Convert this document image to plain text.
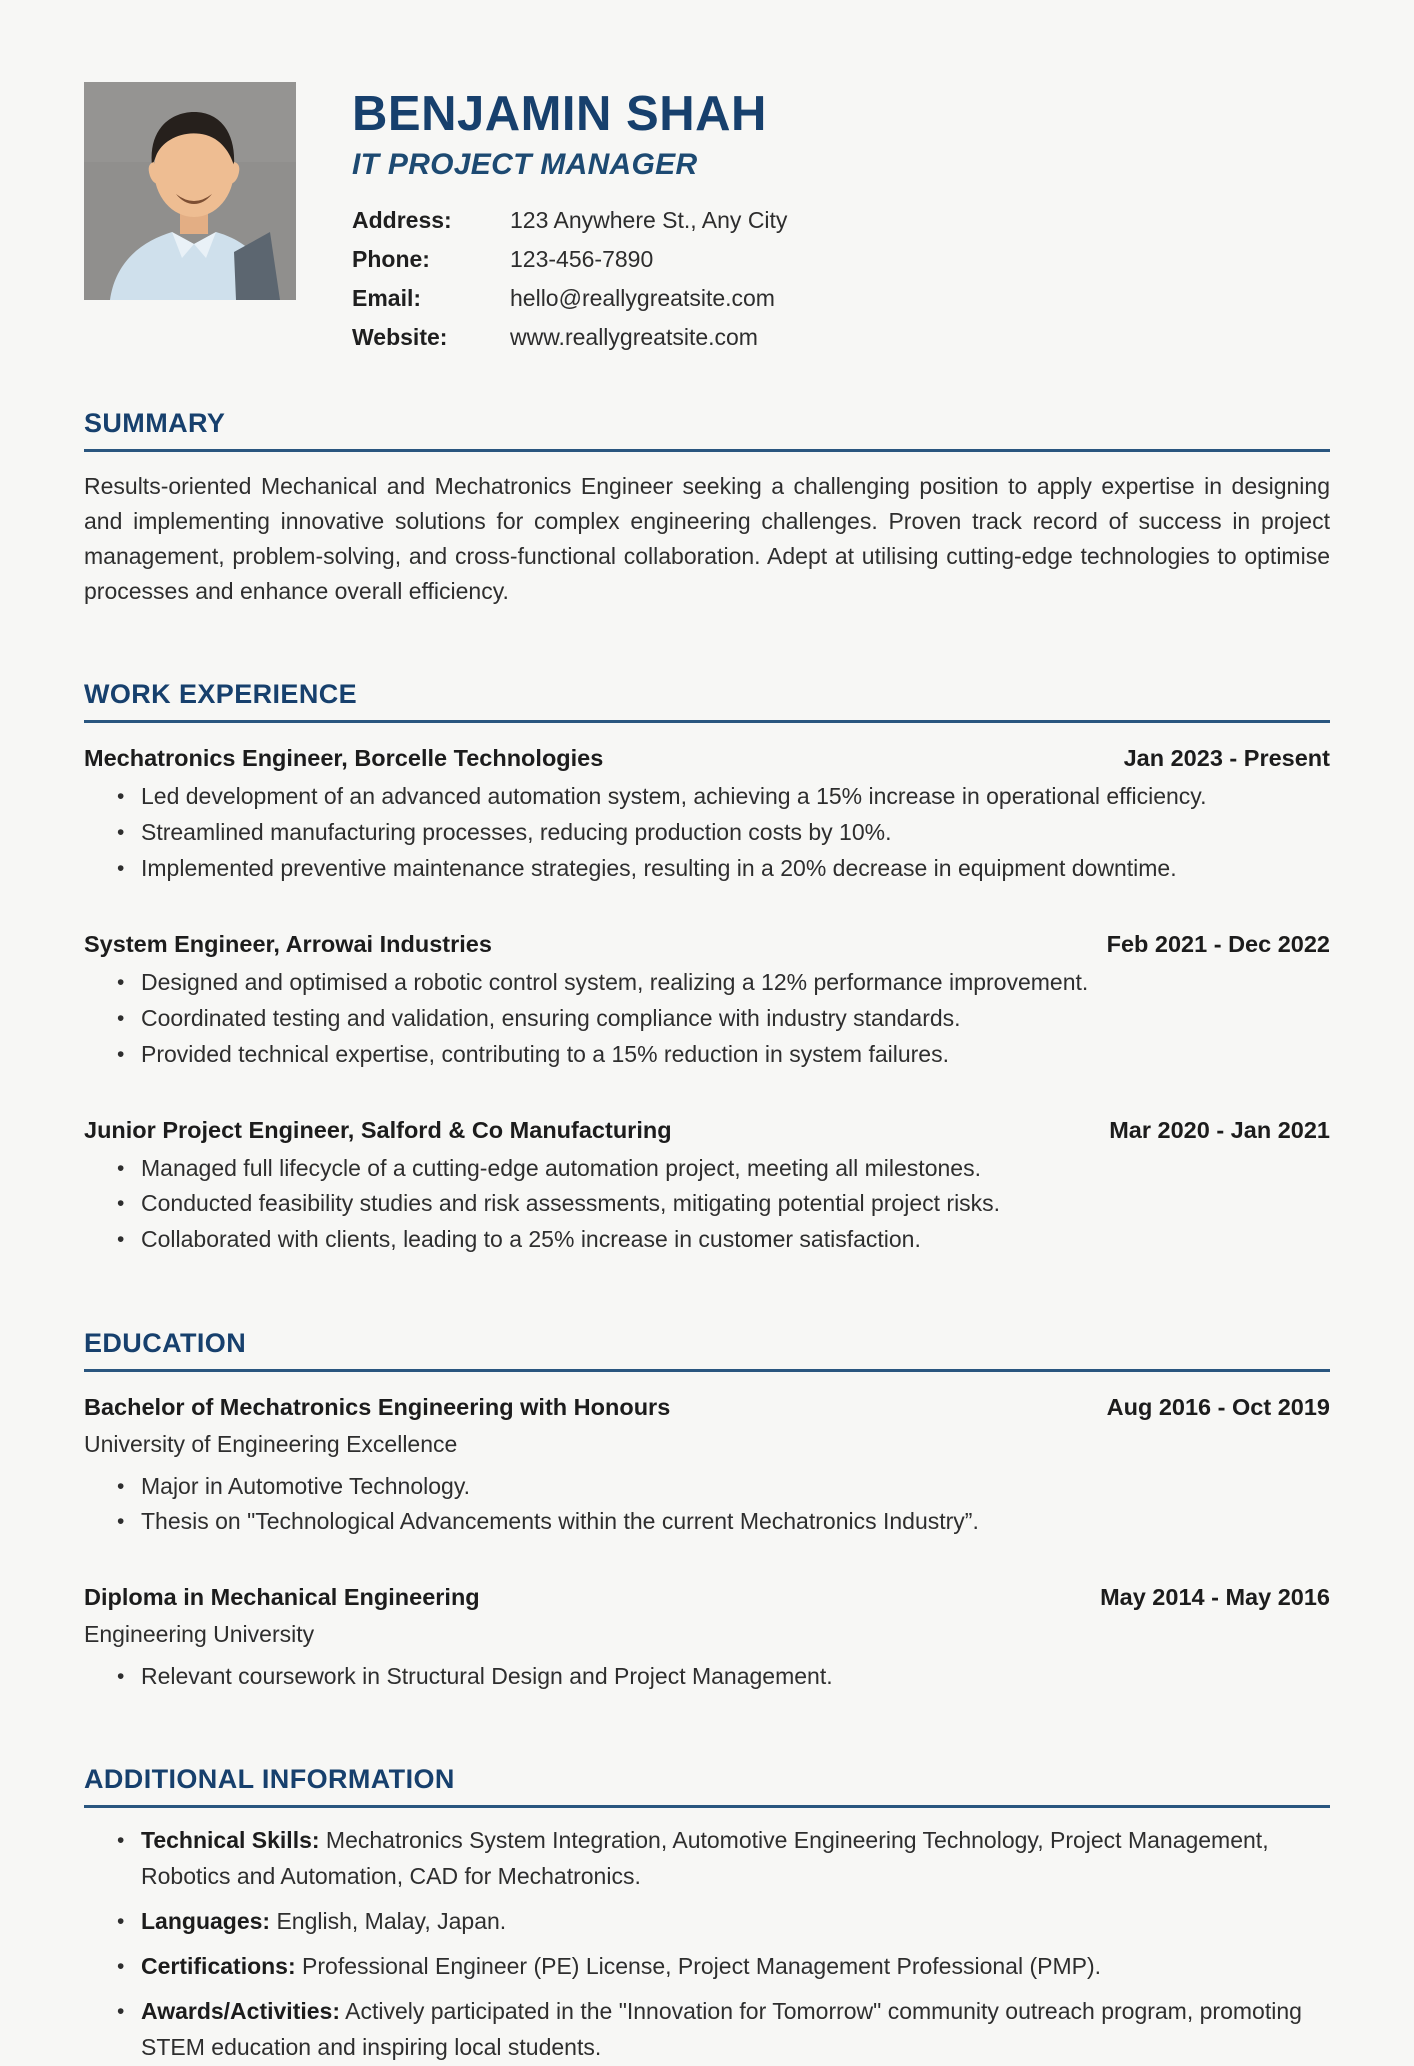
BENJAMIN SHAH
IT PROJECT MANAGER
Address:	123 Anywhere St., Any City
Phone:	123-456-7890
Email:	hello@reallygreatsite.com
Website:	www.reallygreatsite.com
SUMMARY

Results-oriented Mechanical and Mechatronics Engineer seeking a challenging position to apply expertise in designing and implementing innovative solutions for complex engineering challenges. Proven track record of success in project management, problem-solving, and cross-functional collaboration. Adept at utilising cutting-edge technologies to optimise processes and enhance overall efficiency.

WORK EXPERIENCE
Mechatronics Engineer, Borcelle Technologies	Jan 2023 - Present
• Led development of an advanced automation system, achieving a 15% increase in operational efficiency.
• Streamlined manufacturing processes, reducing production costs by 10%.
• Implemented preventive maintenance strategies, resulting in a 20% decrease in equipment downtime.
System Engineer, Arrowai Industries	Feb 2021 - Dec 2022
• Designed and optimised a robotic control system, realizing a 12% performance improvement.
• Coordinated testing and validation, ensuring compliance with industry standards.
• Provided technical expertise, contributing to a 15% reduction in system failures.
Junior Project Engineer, Salford & Co Manufacturing	Mar 2020 - Jan 2021
• Managed full lifecycle of a cutting-edge automation project, meeting all milestones.
• Conducted feasibility studies and risk assessments, mitigating potential project risks.
• Collaborated with clients, leading to a 25% increase in customer satisfaction.
EDUCATION
Bachelor of Mechatronics Engineering with Honours	Aug 2016 - Oct 2019
University of Engineering Excellence
• Major in Automotive Technology.
• Thesis on "Technological Advancements within the current Mechatronics Industry”.
Diploma in Mechanical Engineering	May 2014 - May 2016
Engineering University
• Relevant coursework in Structural Design and Project Management.
ADDITIONAL INFORMATION
• Technical Skills: Mechatronics System Integration, Automotive Engineering Technology, Project Management, Robotics and Automation, CAD for Mechatronics.
• Languages: English, Malay, Japan.
• Certifications: Professional Engineer (PE) License, Project Management Professional (PMP).
• Awards/Activities: Actively participated in the "Innovation for Tomorrow" community outreach program, promoting STEM education and inspiring local students.
